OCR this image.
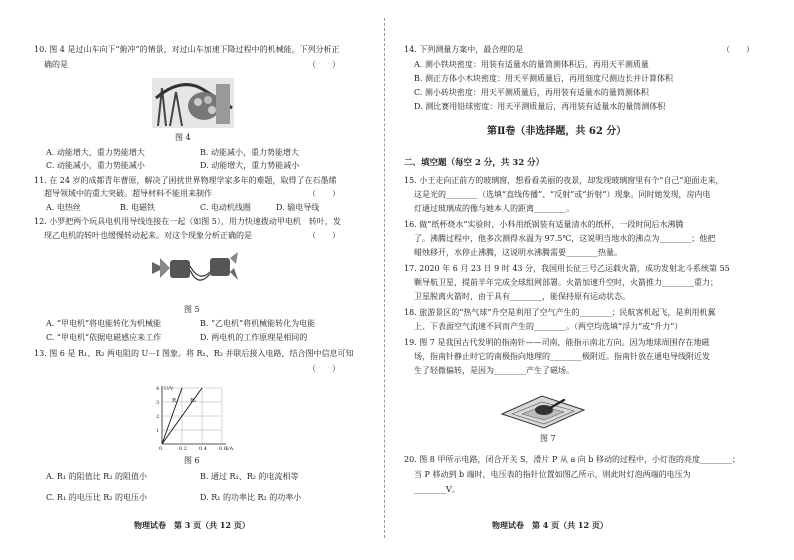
10. 图 4 是过山车向下“俯冲”的情景，对过山车加速下降过程中的机械能，下列分析正
确的是	（　　）
图 4
A. 动能增大，重力势能增大	B. 动能减小，重力势能增大
C. 动能减小，重力势能减小	D. 动能增大，重力势能减小
11. 在 24 岁的成都青年曹原，解决了困扰世界物理学家多年的难题，取得了在石墨烯
超导领域中的重大突破。超导材料不能用来制作	（　　）
A. 电热丝	B. 电磁铁	C. 电动机线圈	D. 输电导线
12. 小罗把两个玩具电机用导线连接在一起（如图 5），用力快速拨动甲电机　转叶，发
现乙电机的转叶也缓慢转动起来。对这个现象分析正确的是	（　　）
图 5
A. “甲电机”将电能转化为机械能	B. “乙电机”将机械能转化为电能
C. “甲电机”依据电磁感应来工作	D. 两电机的工作原理是相同的
13. 图 6 是 R₁、R₂ 两电阻的 U－I 图象。将 R₁、R₂ 并联后接入电路，结合图中信息可知
（　　）
4
3
2
1
0	0.2 0.4 0.6
U/V
I/A
R₁ R₂
图 6
A. R₁ 的阻值比 R₂ 的阻值小	B. 通过 R₁、R₂ 的电流相等
C. R₁ 的电压比 R₂ 的电压小	D. R₁ 的功率比 R₂ 的功率小
物理试卷　第 3 页（共 12 页）
14. 下列测量方案中，最合理的是	（　　）
A. 测小铁块密度：用装有适量水的量筒测体积后，再用天平测质量
B. 测正方体小木块密度：用天平测质量后，再用刻度尺测边长并计算体积
C. 测小砖块密度：用天平测质量后，再用装有适量水的量筒测体积
D. 测比赛用铅球密度：用天平测质量后，再用装有适量水的量筒测体积
第Ⅱ卷（非选择题，共 62 分）
二、填空题（每空 2 分，共 32 分）
15. 小王走向正前方的玻璃窗，想看看美丽的夜景，却发现玻璃窗里有个“自己”迎面走来，
这是光的________（选填“直线传播”、“反射”或“折射”）现象。同时她发现，房内电
灯通过玻璃成的像与她本人的距离________。
16. 做“纸杯烧水”实验时，小科用纸锅装有适量清水的纸杯，一段时间后水沸腾
了。沸腾过程中，他多次测得水温为 97.5℃，这说明当地水的沸点为________；他把
蜡烛移开，水停止沸腾，这说明水沸腾需要________热量。
17. 2020 年 6 月 23 日 9 时 43 分，我国用长征三号乙运载火箭，成功发射北斗系统第 55
颗导航卫星，提前半年完成全球组网部署。火箭加速升空时，火箭推力________重力；
卫星脱离火箭时，由于具有________，能保持原有运动状态。
18. 旅游景区的“热气球”升空是利用了空气产生的________；民航客机起飞，是利用机翼
上、下表面空气流速不同而产生的________。（两空均选填“浮力”或“升力”）
19. 图 7 是我国古代发明的指南针——司南，能指示南北方向。因为地球周围存在地磁
场，指南针静止时它的南极指向地理的________极附近。指南针放在通电导线附近发
生了轻微偏转，是因为________产生了磁场。
图 7
20. 图 8 甲所示电路，闭合开关 S，滑片 P 从 a 向 b 移动的过程中，小灯泡的亮度________；
当 P 移动到 b 端时，电压表的指针位置如图乙所示，则此时灯泡两端的电压为
________V。
物理试卷　第 4 页（共 12 页）
